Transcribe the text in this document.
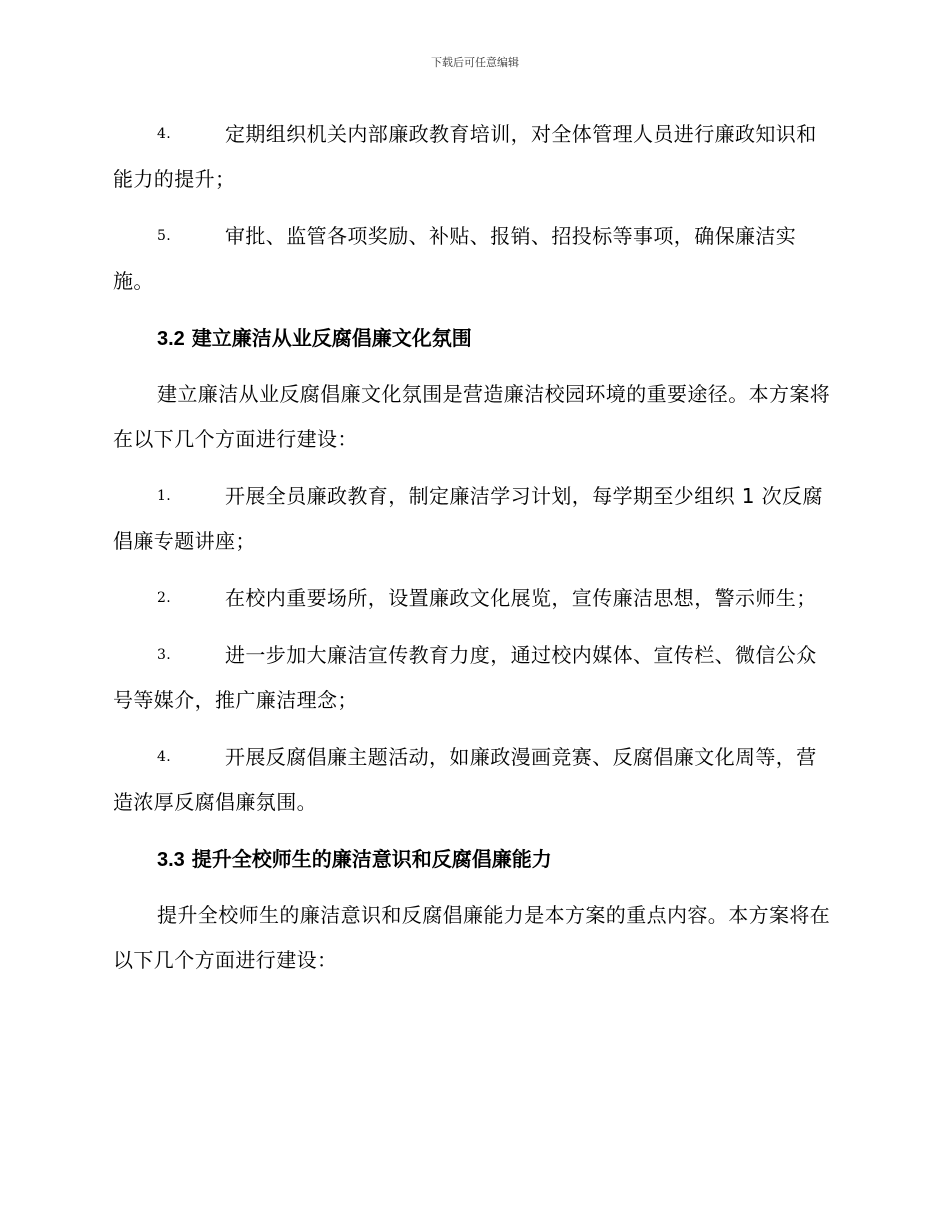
下载后可任意编辑
4.	定期组织机关内部廉政教育培训，对全体管理人员进行廉政知识和能力的提升；
5.	审批、监管各项奖励、补贴、报销、招投标等事项，确保廉洁实施。
3.2 建立廉洁从业反腐倡廉文化氛围
建立廉洁从业反腐倡廉文化氛围是营造廉洁校园环境的重要途径。本方案将在以下几个方面进行建设：
1.	开展全员廉政教育，制定廉洁学习计划，每学期至少组织 1 次反腐倡廉专题讲座；
2.	在校内重要场所，设置廉政文化展览，宣传廉洁思想，警示师生；
3.	进一步加大廉洁宣传教育力度，通过校内媒体、宣传栏、微信公众号等媒介，推广廉洁理念；
4.	开展反腐倡廉主题活动，如廉政漫画竞赛、反腐倡廉文化周等，营造浓厚反腐倡廉氛围。
3.3 提升全校师生的廉洁意识和反腐倡廉能力
提升全校师生的廉洁意识和反腐倡廉能力是本方案的重点内容。本方案将在以下几个方面进行建设：
